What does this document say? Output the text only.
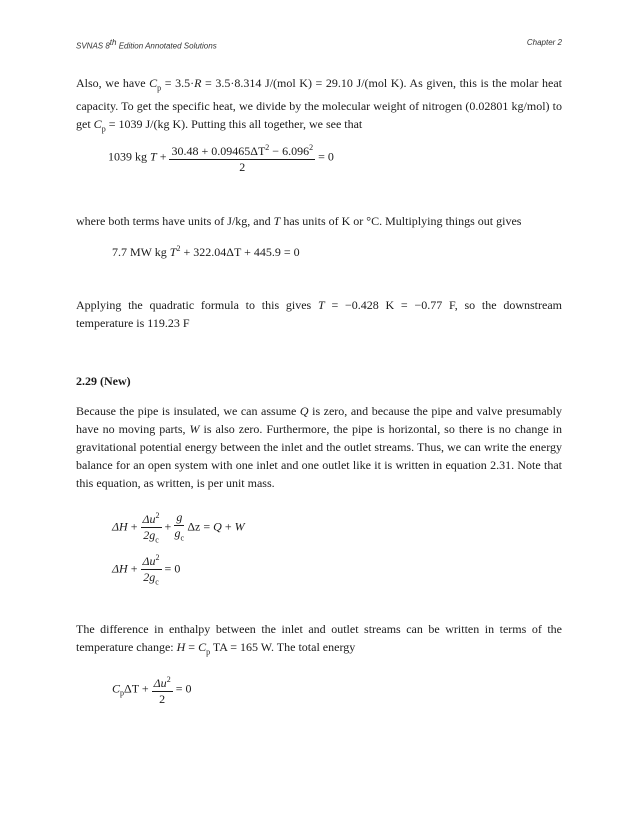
SVNAS 8th Edition Annotated Solutions	Chapter 2

Also, we have $C_p = 3.5\cdot R = 3.5\cdot 8.314$ J/(mol K) = 29.10 J/(mol K). As given, this is the molar heat capacity. To get the specific heat, we divide by the molecular weight of nitrogen (0.02801 kg/mol) to get $C_p = 1039$ J/(kg K). Putting this all together, we see that

1039 kg $T + \frac{30.48 + 0.09465\Delta T^2 - 6.096^2}{2} = 0$

where both terms have units of J/kg, and T has units of K or °C. Multiplying things out gives

7.7 MW kg $T^2 + 322.04\Delta T + 445.9 = 0$

Applying the quadratic formula to this gives T = −0.428 K = −0.77 F, so the downstream temperature is 119.23 F

2.29 (New)

Because the pipe is insulated, we can assume Q is zero, and because the pipe and valve presumably have no moving parts, W is also zero. Furthermore, the pipe is horizontal, so there is no change in gravitational potential energy between the inlet and the outlet streams. Thus, we can write the energy balance for an open system with one inlet and one outlet like it is written in equation 2.31. Note that this equation, as written, is per unit mass.

$\Delta H + \frac{\Delta u^2}{2g_c} + \frac{g}{g_c}$ Δz = Q + W
$\Delta H + \frac{\Delta u^2}{2g_c} = 0$

The difference in enthalpy between the inlet and outlet streams can be written in terms of the temperature change: $H = C_p$ TA = 165 W. The total energy

$C_p\Delta T + \frac{\Delta u^2}{2} = 0$
